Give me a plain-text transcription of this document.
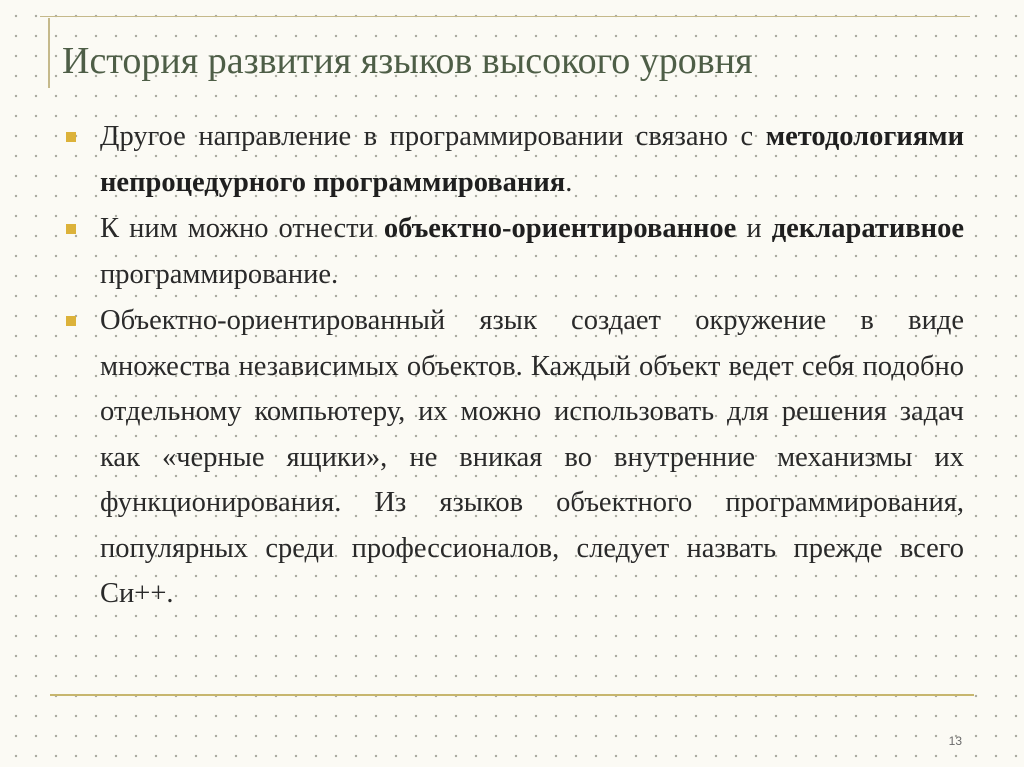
История развития языков высокого уровня
Другое направление в программировании связано с методологиями непроцедурного программирования.
К ним можно отнести объектно-ориентированное и декларативное программирование.
Объектно-ориентированный язык создает окружение в виде множества независимых объектов. Каждый объект ведет себя подобно отдельному компьютеру, их можно использовать для решения задач как «черные ящики», не вникая во внутренние механизмы их функционирования. Из языков объектного программирования, популярных среди профессионалов, следует назвать прежде всего Си++.
13
